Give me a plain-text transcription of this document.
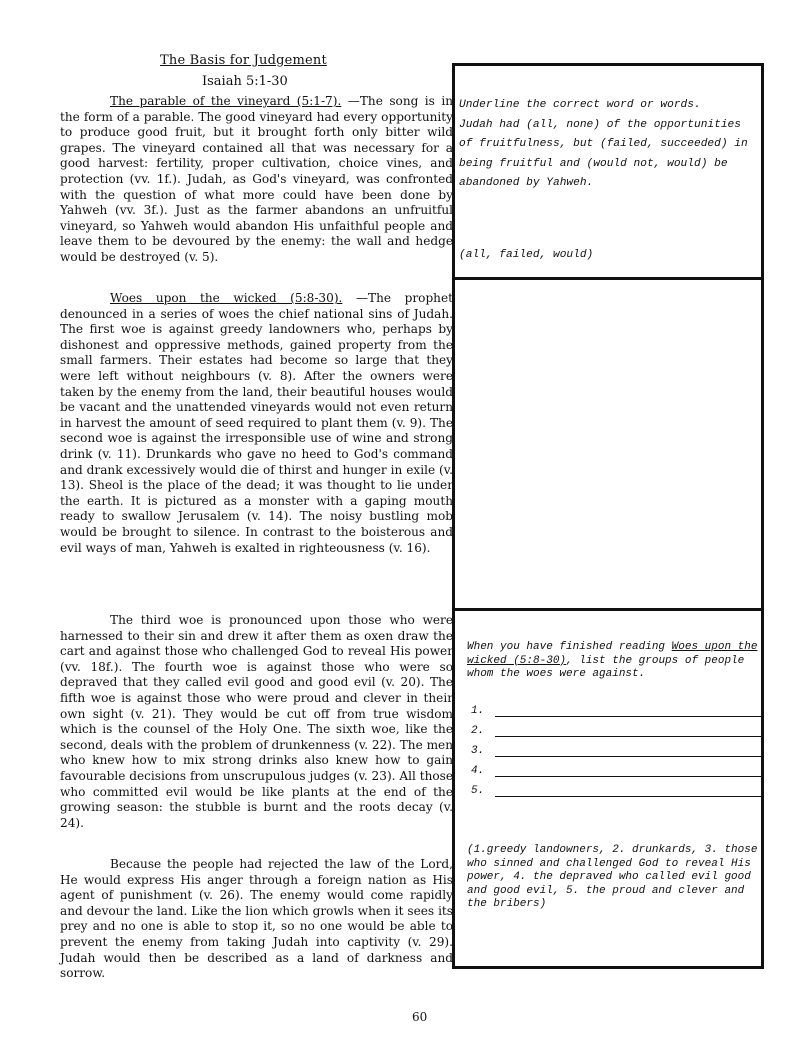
The Basis for Judgement
Isaiah 5:1-30

The parable of the vineyard (5:1-7). —The song is in the form of a parable. The good vineyard had every opportunity to produce good fruit, but it brought forth only bitter wild grapes. The vineyard contained all that was necessary for a good harvest: fertility, proper cultivation, choice vines, and protection (vv. 1f.). Judah, as God's vineyard, was confronted with the question of what more could have been done by Yahweh (vv. 3f.). Just as the farmer abandons an unfruitful vineyard, so Yahweh would abandon His unfaithful people and leave them to be devoured by the enemy: the wall and hedge would be destroyed (v. 5).

Woes upon the wicked (5:8-30). —The prophet denounced in a series of woes the chief national sins of Judah. The first woe is against greedy landowners who, perhaps by dishonest and oppressive methods, gained property from the small farmers. Their estates had become so large that they were left without neighbours (v. 8). After the owners were taken by the enemy from the land, their beautiful houses would be vacant and the unattended vineyards would not even return in harvest the amount of seed required to plant them (v. 9). The second woe is against the irresponsible use of wine and strong drink (v. 11). Drunkards who gave no heed to God's command and drank excessively would die of thirst and hunger in exile (v. 13). Sheol is the place of the dead; it was thought to lie under the earth. It is pictured as a monster with a gaping mouth ready to swallow Jerusalem (v. 14). The noisy bustling mob would be brought to silence. In contrast to the boisterous and evil ways of man, Yahweh is exalted in righteousness (v. 16).

The third woe is pronounced upon those who were harnessed to their sin and drew it after them as oxen draw the cart and against those who challenged God to reveal His power (vv. 18f.). The fourth woe is against those who were so depraved that they called evil good and good evil (v. 20). The fifth woe is against those who were proud and clever in their own sight (v. 21). They would be cut off from true wisdom which is the counsel of the Holy One. The sixth woe, like the second, deals with the problem of drunkenness (v. 22). The men who knew how to mix strong drinks also knew how to gain favourable decisions from unscrupulous judges (v. 23). All those who committed evil would be like plants at the end of the growing season: the stubble is burnt and the roots decay (v. 24).

Because the people had rejected the law of the Lord, He would express His anger through a foreign nation as His agent of punishment (v. 26). The enemy would come rapidly and devour the land. Like the lion which growls when it sees its prey and no one is able to stop it, so no one would be able to prevent the enemy from taking Judah into captivity (v. 29). Judah would then be described as a land of darkness and sorrow.

Underline the correct word or words.
Judah had (all, none) of the opportunities of fruitfulness, but (failed, succeeded) in being fruitful and (would not, would) be abandoned by Yahweh.
(all, failed, would)
When you have finished reading Woes upon the wicked (5:8-30), list the groups of people whom the woes were against.
1.
2.
3.
4.
5.
(1.greedy landowners, 2. drunkards, 3. those who sinned and challenged God to reveal His power, 4. the depraved who called evil good and good evil, 5. the proud and clever and the bribers)
60
